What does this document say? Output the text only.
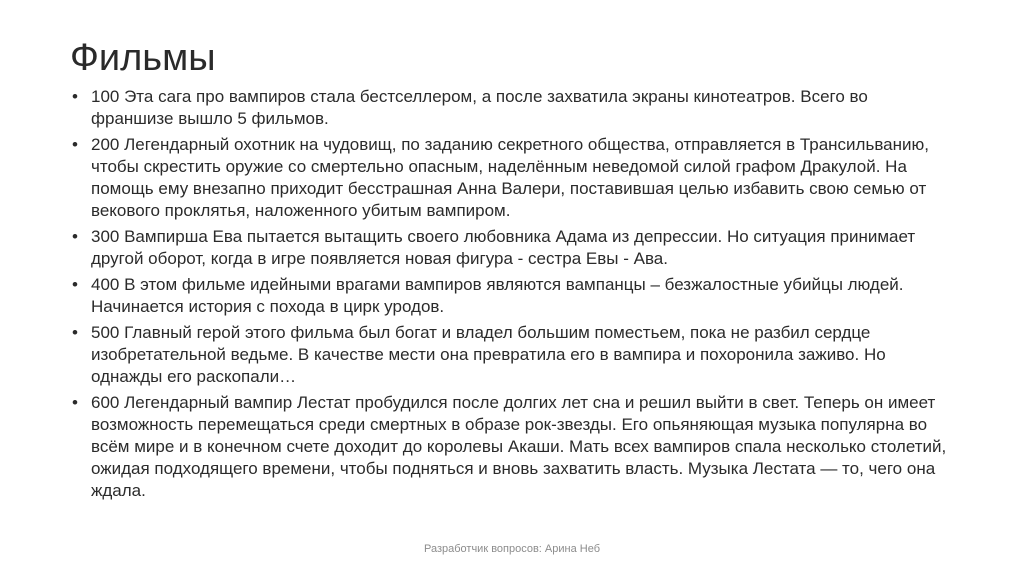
Фильмы
• 100 Эта сага про вампиров стала бестселлером, а после захватила экраны кинотеатров. Всего во франшизе вышло 5 фильмов.
• 200 Легендарный охотник на чудовищ, по заданию секретного общества, отправляется в Трансильванию, чтобы скрестить оружие со смертельно опасным, наделённым неведомой силой графом Дракулой. На помощь ему внезапно приходит бесстрашная Анна Валери, поставившая целью избавить свою семью от векового проклятья, наложенного убитым вампиром.
• 300 Вампирша Ева пытается вытащить своего любовника Адама из депрессии. Но ситуация принимает другой оборот, когда в игре появляется новая фигура - сестра Евы - Ава.
• 400 В этом фильме идейными врагами вампиров являются вампанцы – безжалостные убийцы людей. Начинается история с похода в цирк уродов.
• 500 Главный герой этого фильма был богат и владел большим поместьем, пока не разбил сердце изобретательной ведьме. В качестве мести она превратила его в вампира и похоронила заживо. Но однажды его раскопали…
• 600 Легендарный вампир Лестат пробудился после долгих лет сна и решил выйти в свет. Теперь он имеет возможность перемещаться среди смертных в образе рок-звезды. Его опьяняющая музыка популярна во всём мире и в конечном счете доходит до королевы Акаши. Мать всех вампиров спала несколько столетий, ожидая подходящего времени, чтобы подняться и вновь захватить власть. Музыка Лестата — то, чего она ждала.
Разработчик вопросов: Арина Неб
